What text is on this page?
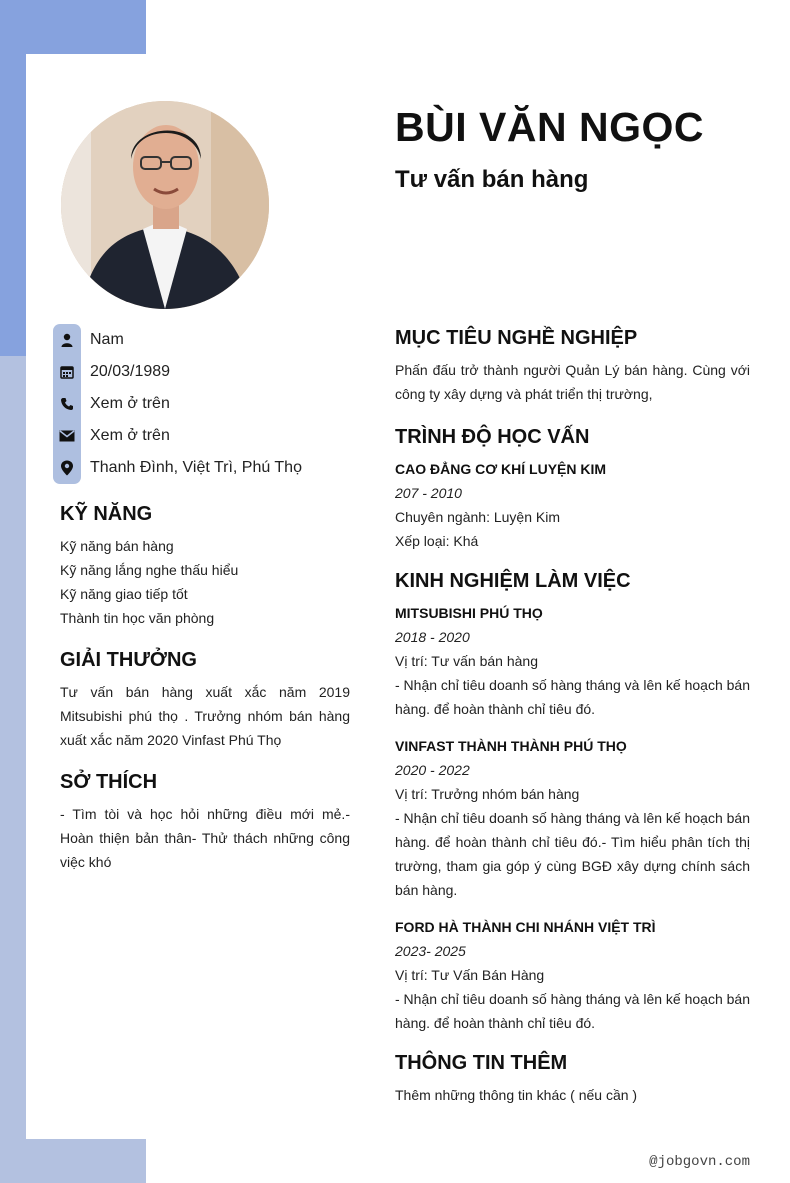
BÙI VĂN NGỌC
Tư vấn bán hàng
Nam
20/03/1989
Xem ở trên
Xem ở trên
Thanh Đình, Việt Trì, Phú Thọ
KỸ NĂNG
Kỹ năng bán hàng
Kỹ năng lắng nghe thấu hiểu
Kỹ năng giao tiếp tốt
Thành tin học văn phòng
GIẢI THƯỞNG

Tư vấn bán hàng xuất xắc năm 2019 Mitsubishi phú thọ . Trưởng nhóm bán hàng xuất xắc năm 2020 Vinfast Phú Thọ

SỞ THÍCH

- Tìm tòi và học hỏi những điều mới mẻ.- Hoàn thiện bản thân- Thử thách những công việc khó

MỤC TIÊU NGHỀ NGHIỆP

Phấn đấu trở thành người Quản Lý bán hàng. Cùng với công ty xây dựng và phát triển thị trường,

TRÌNH ĐỘ HỌC VẤN

CAO ĐẲNG CƠ KHÍ LUYỆN KIM

207 - 2010

Chuyên ngành: Luyện Kim

Xếp loại: Khá

KINH NGHIỆM LÀM VIỆC

MITSUBISHI PHÚ THỌ

2018 - 2020

Vị trí: Tư vấn bán hàng

- Nhận chỉ tiêu doanh số hàng tháng và lên kế hoạch bán hàng. để hoàn thành chỉ tiêu đó.

VINFAST THÀNH THÀNH PHÚ THỌ

2020 - 2022

Vị trí: Trưởng nhóm bán hàng

- Nhận chỉ tiêu doanh số hàng tháng và lên kế hoạch bán hàng. để hoàn thành chỉ tiêu đó.- Tìm hiểu phân tích thị trường, tham gia góp ý cùng BGĐ xây dựng chính sách bán hàng.

FORD HÀ THÀNH CHI NHÁNH VIỆT TRÌ

2023- 2025

Vị trí: Tư Vấn Bán Hàng

- Nhận chỉ tiêu doanh số hàng tháng và lên kế hoạch bán hàng. để hoàn thành chỉ tiêu đó.

THÔNG TIN THÊM

Thêm những thông tin khác ( nếu cần )

@jobgovn.com
